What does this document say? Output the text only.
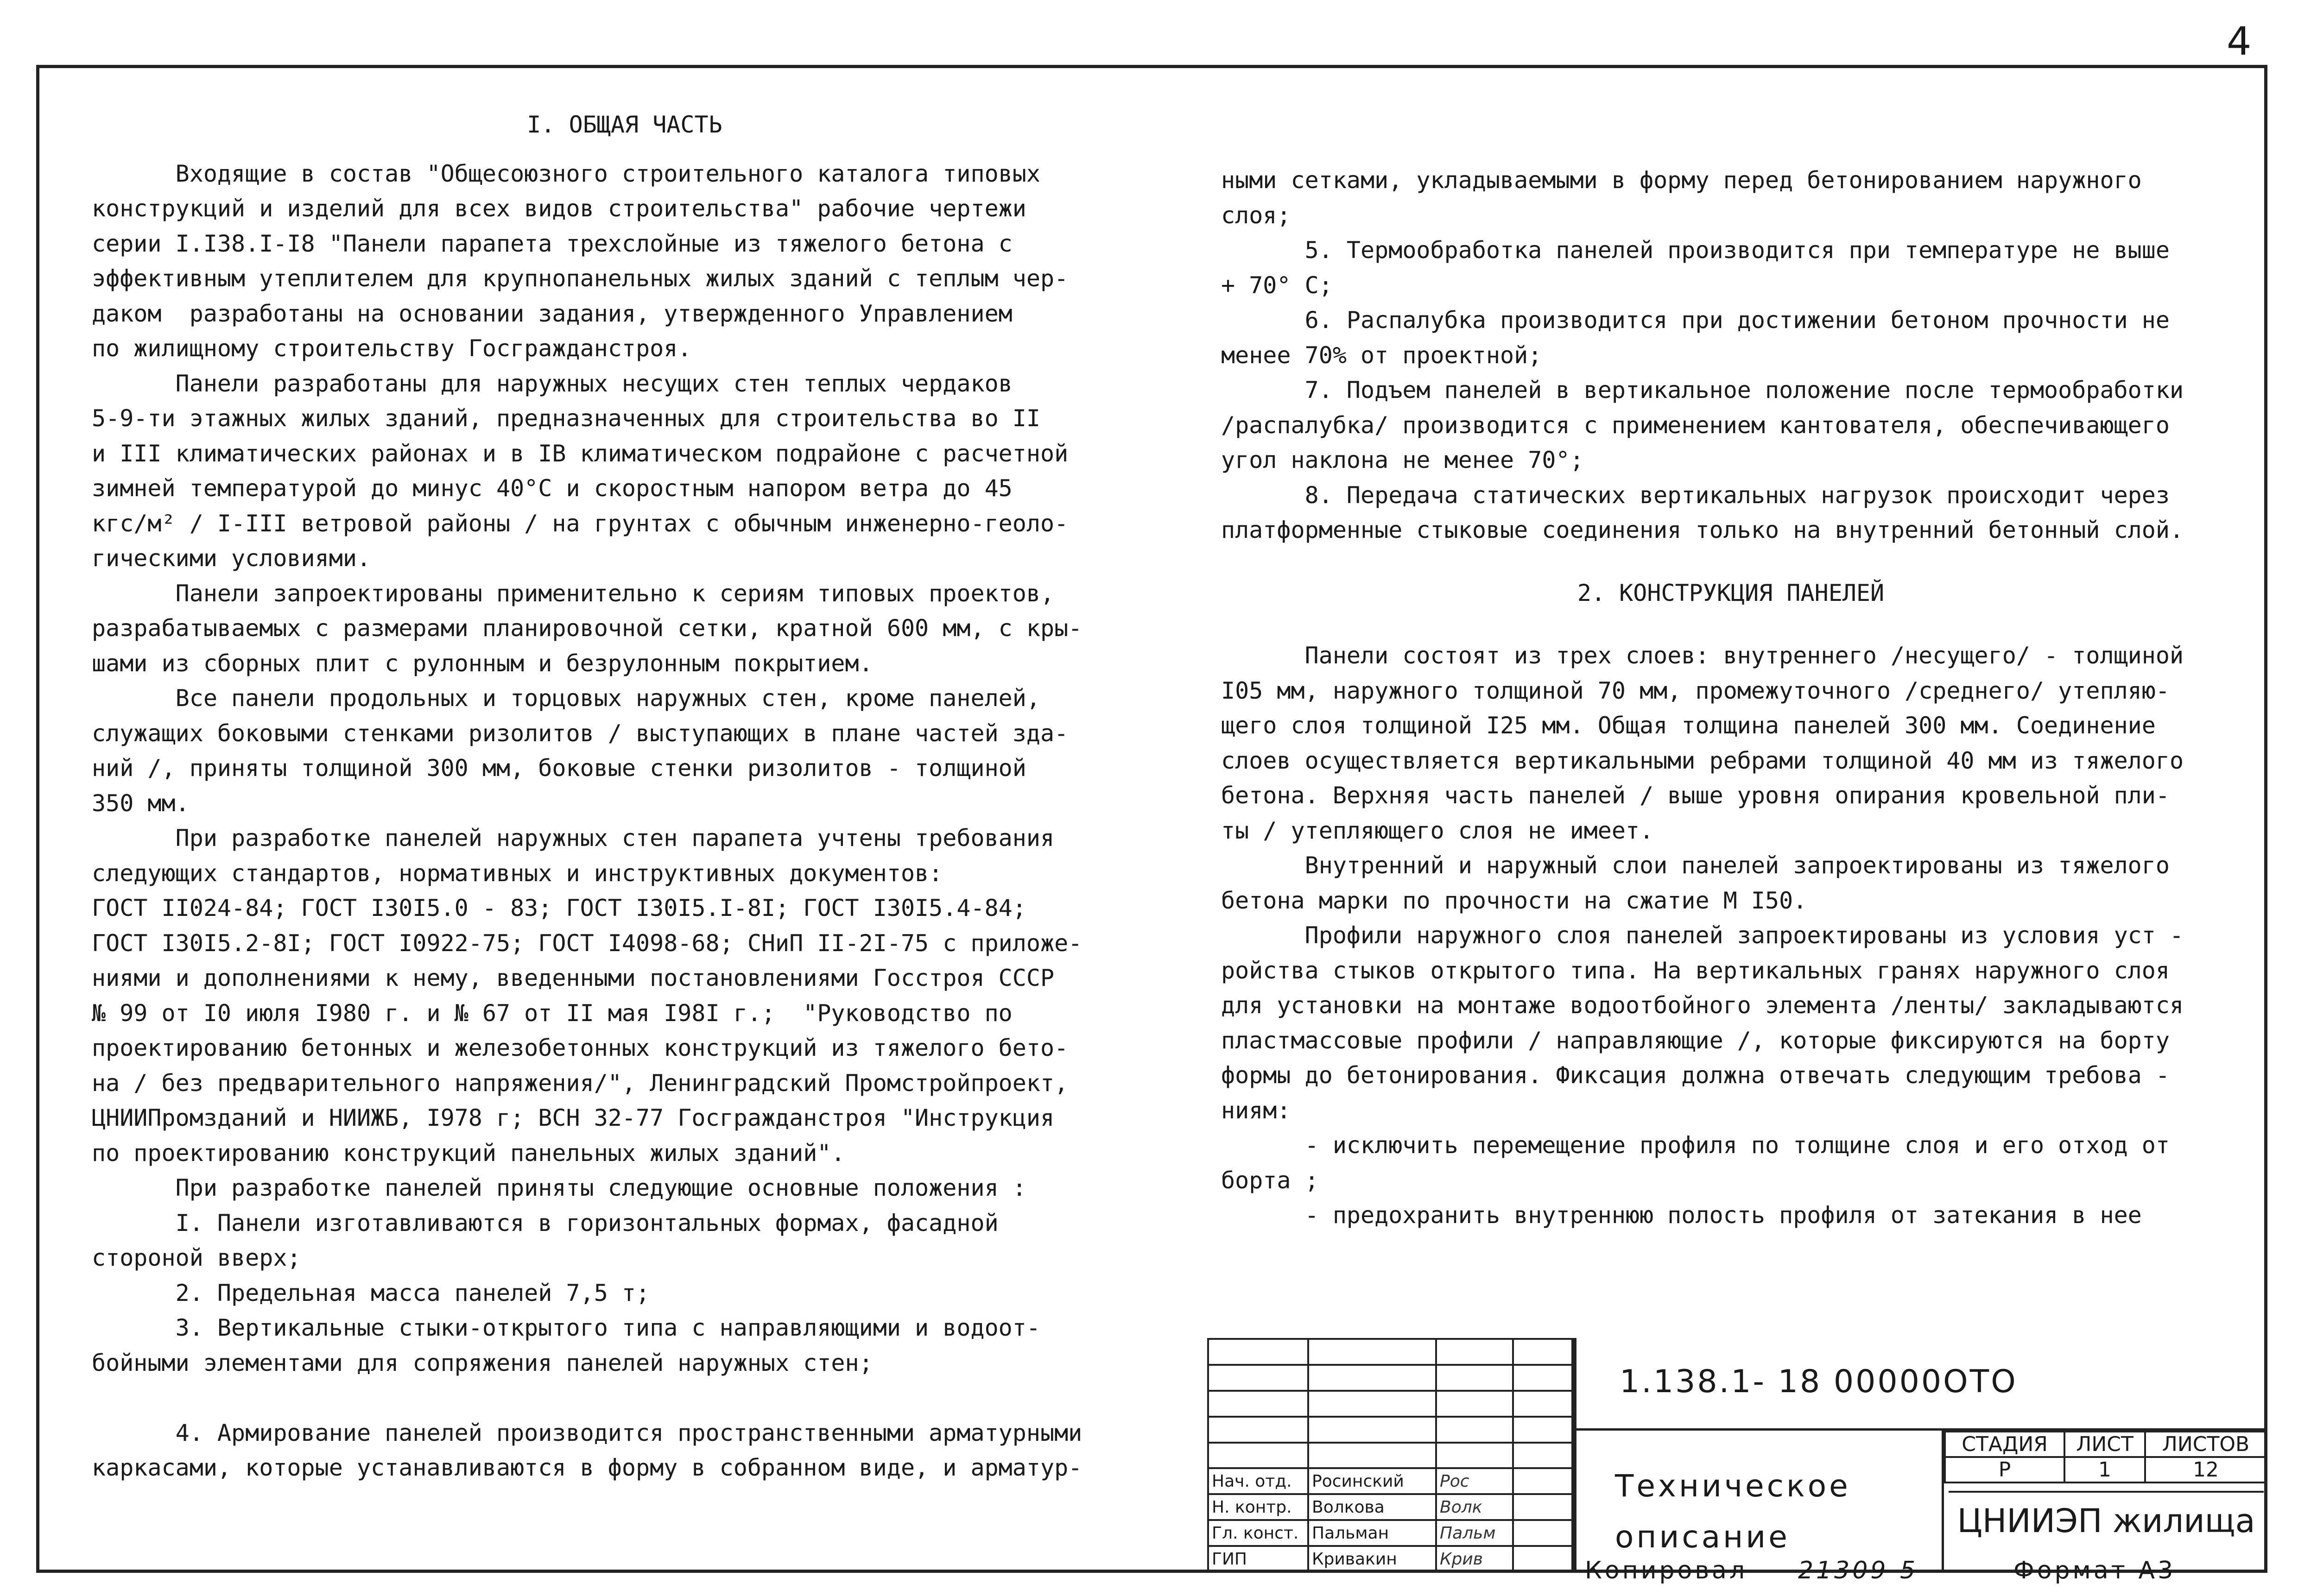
4

I. ОБЩАЯ ЧАСТЬ

Входящие в состав "Общесоюзного строительного каталога типовых

конструкций и изделий для всех видов строительства" рабочие чертежи

серии I.I38.I-I8 "Панели парапета трехслойные из тяжелого бетона с

эффективным утеплителем для крупнопанельных жилых зданий с теплым чер-

даком  разработаны на основании задания, утвержденного Управлением

по жилищному строительству Госгражданстроя.

Панели разработаны для наружных несущих стен теплых чердаков

5-9-ти этажных жилых зданий, предназначенных для строительства во II

и III климатических районах и в IB климатическом подрайоне с расчетной

зимней температурой до минус 40°С и скоростным напором ветра до 45

кгс/м² / I-III ветровой районы / на грунтах с обычным инженерно-геоло-

гическими условиями.

Панели запроектированы применительно к сериям типовых проектов,

разрабатываемых с размерами планировочной сетки, кратной 600 мм, с кры-

шами из сборных плит с рулонным и безрулонным покрытием.

Все панели продольных и торцовых наружных стен, кроме панелей,

служащих боковыми стенками ризолитов / выступающих в плане частей зда-

ний /, приняты толщиной 300 мм, боковые стенки ризолитов - толщиной

350 мм.

При разработке панелей наружных стен парапета учтены требования

следующих стандартов, нормативных и инструктивных документов:

ГОСТ II024-84; ГОСТ I30I5.0 - 83; ГОСТ I30I5.I-8I; ГОСТ I30I5.4-84;

ГОСТ I30I5.2-8I; ГОСТ I0922-75; ГОСТ I4098-68; СНиП II-2I-75 с приложе-

ниями и дополнениями к нему, введенными постановлениями Госстроя СССР

№ 99 от I0 июля I980 г. и № 67 от II мая I98I г.;  "Руководство по

проектированию бетонных и железобетонных конструкций из тяжелого бето-

на / без предварительного напряжения/", Ленинградский Промстройпроект,

ЦНИИПромзданий и НИИЖБ, I978 г; ВСН 32-77 Госгражданстроя "Инструкция

по проектированию конструкций панельных жилых зданий".

При разработке панелей приняты следующие основные положения :

I. Панели изготавливаются в горизонтальных формах, фасадной

стороной вверх;

2. Предельная масса панелей 7,5 т;

3. Вертикальные стыки-открытого типа с направляющими и водоот-

бойными элементами для сопряжения панелей наружных стен;

4. Армирование панелей производится пространственными арматурными

каркасами, которые устанавливаются в форму в собранном виде, и арматур-

ными сетками, укладываемыми в форму перед бетонированием наружного

слоя;

5. Термообработка панелей производится при температуре не выше

+ 70° С;

6. Распалубка производится при достижении бетоном прочности не

менее 70% от проектной;

7. Подъем панелей в вертикальное положение после термообработки

/распалубка/ производится с применением кантователя, обеспечивающего

угол наклона не менее 70°;

8. Передача статических вертикальных нагрузок происходит через

платформенные стыковые соединения только на внутренний бетонный слой.

2. КОНСТРУКЦИЯ ПАНЕЛЕЙ

Панели состоят из трех слоев: внутреннего /несущего/ - толщиной

I05 мм, наружного толщиной 70 мм, промежуточного /среднего/ утепляю-

щего слоя толщиной I25 мм. Общая толщина панелей 300 мм. Соединение

слоев осуществляется вертикальными ребрами толщиной 40 мм из тяжелого

бетона. Верхняя часть панелей / выше уровня опирания кровельной пли-

ты / утепляющего слоя не имеет.

Внутренний и наружный слои панелей запроектированы из тяжелого

бетона марки по прочности на сжатие М I50.

Профили наружного слоя панелей запроектированы из условия уст -

ройства стыков открытого типа. На вертикальных гранях наружного слоя

для установки на монтаже водоотбойного элемента /ленты/ закладываются

пластмассовые профили / направляющие /, которые фиксируются на борту

формы до бетонирования. Фиксация должна отвечать следующим требова -

ниям:

- исключить перемещение профиля по толщине слоя и его отход от

борта ;

- предохранить внутреннюю полость профиля от затекания в нее

Нач. отд.	Росинский	Рос	
Н. контр.	Волкова	Волк	
Гл. конст.	Пальман	Пальм	
ГИП	Кривакин	Крив	
1.138.1- 18 00000ОТО
Техническое
описание
СТАДИЯ	ЛИСТ	ЛИСТОВ
Р	1	12
ЦНИИЭП жилища
Копировал 21309 5	Формат А3
